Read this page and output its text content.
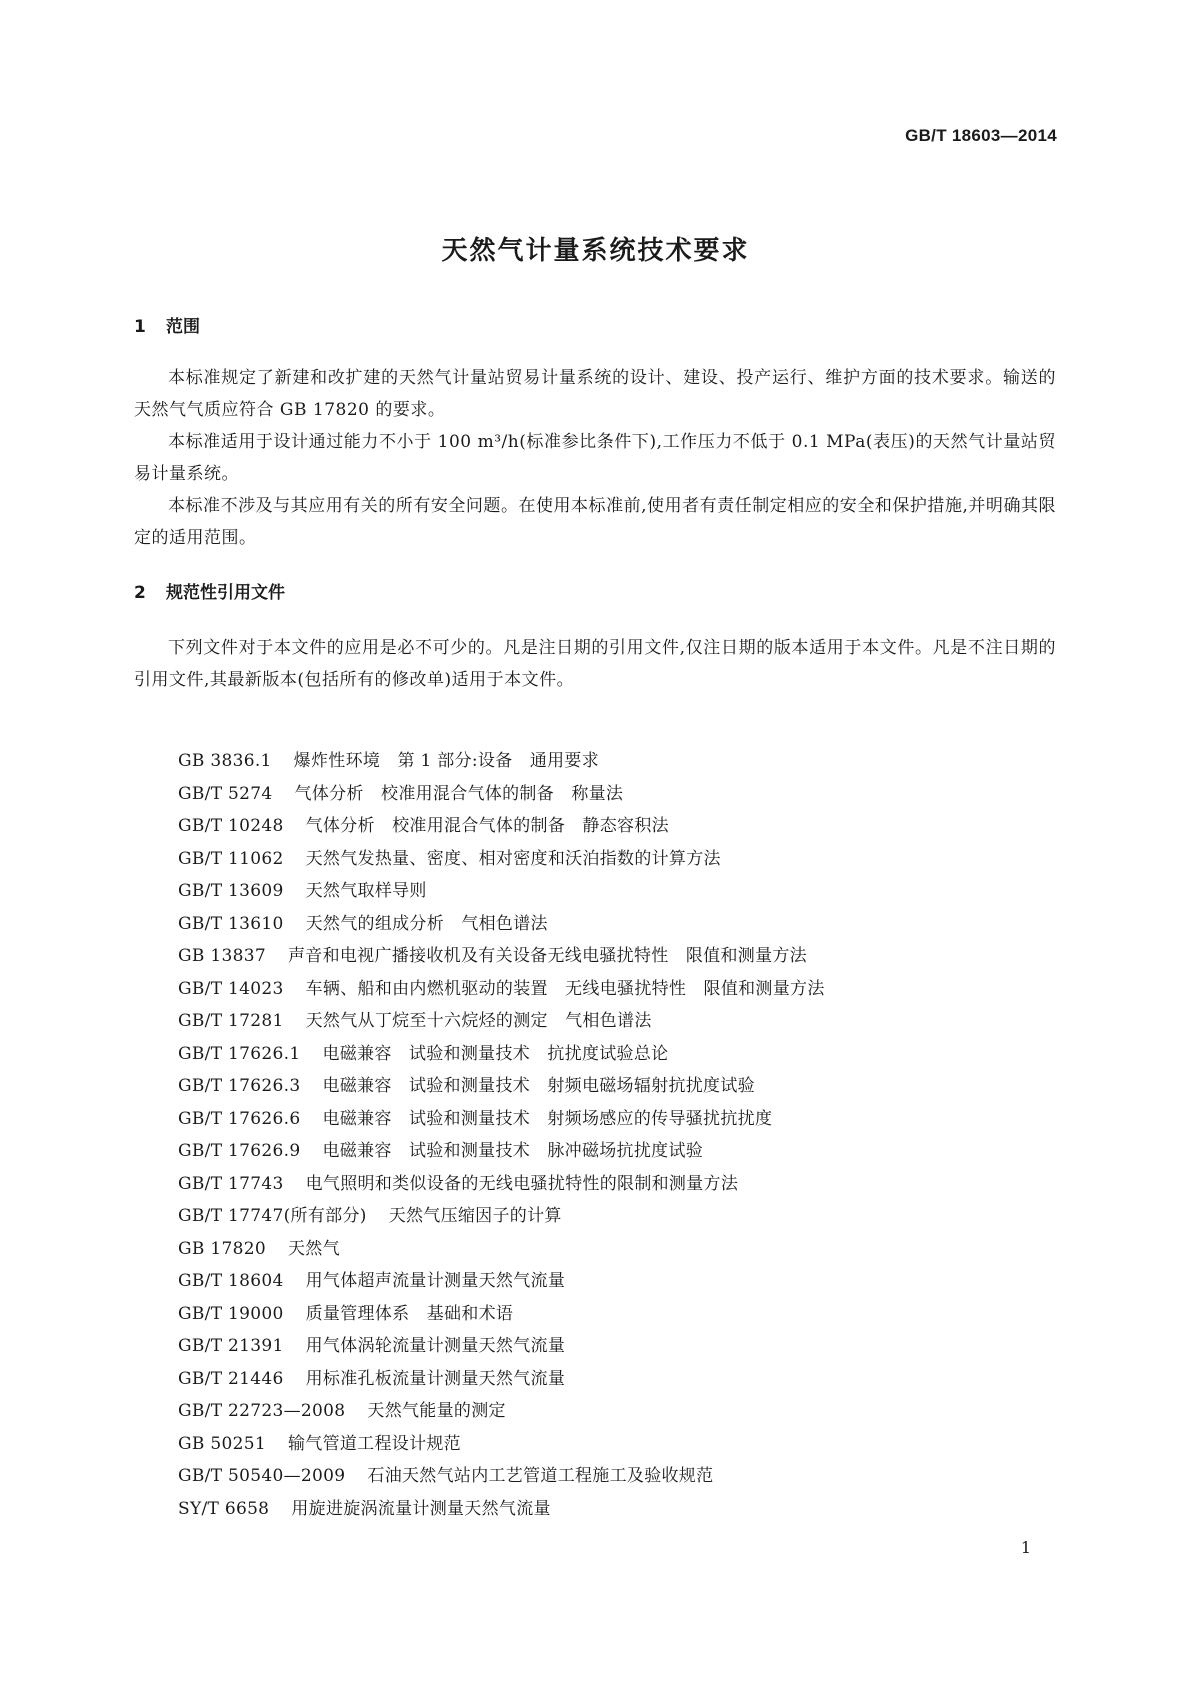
GB/T 18603—2014
天然气计量系统技术要求
1 范围

本标准规定了新建和改扩建的天然气计量站贸易计量系统的设计、建设、投产运行、维护方面的技术要求。输送的天然气气质应符合 GB 17820 的要求。

本标准适用于设计通过能力不小于 100 m³/h(标准参比条件下),工作压力不低于 0.1 MPa(表压)的天然气计量站贸易计量系统。

本标准不涉及与其应用有关的所有安全问题。在使用本标准前,使用者有责任制定相应的安全和保护措施,并明确其限定的适用范围。

2 规范性引用文件

下列文件对于本文件的应用是必不可少的。凡是注日期的引用文件,仅注日期的版本适用于本文件。凡是不注日期的引用文件,其最新版本(包括所有的修改单)适用于本文件。

GB 3836.1 爆炸性环境　第 1 部分:设备　通用要求
GB/T 5274 气体分析　校准用混合气体的制备　称量法
GB/T 10248 气体分析　校准用混合气体的制备　静态容积法
GB/T 11062 天然气发热量、密度、相对密度和沃泊指数的计算方法
GB/T 13609 天然气取样导则
GB/T 13610 天然气的组成分析　气相色谱法
GB 13837 声音和电视广播接收机及有关设备无线电骚扰特性　限值和测量方法
GB/T 14023 车辆、船和由内燃机驱动的装置　无线电骚扰特性　限值和测量方法
GB/T 17281 天然气从丁烷至十六烷烃的测定　气相色谱法
GB/T 17626.1 电磁兼容　试验和测量技术　抗扰度试验总论
GB/T 17626.3 电磁兼容　试验和测量技术　射频电磁场辐射抗扰度试验
GB/T 17626.6 电磁兼容　试验和测量技术　射频场感应的传导骚扰抗扰度
GB/T 17626.9 电磁兼容　试验和测量技术　脉冲磁场抗扰度试验
GB/T 17743 电气照明和类似设备的无线电骚扰特性的限制和测量方法
GB/T 17747(所有部分) 天然气压缩因子的计算
GB 17820 天然气
GB/T 18604 用气体超声流量计测量天然气流量
GB/T 19000 质量管理体系　基础和术语
GB/T 21391 用气体涡轮流量计测量天然气流量
GB/T 21446 用标准孔板流量计测量天然气流量
GB/T 22723—2008 天然气能量的测定
GB 50251 输气管道工程设计规范
GB/T 50540—2009 石油天然气站内工艺管道工程施工及验收规范
SY/T 6658 用旋进旋涡流量计测量天然气流量
1
